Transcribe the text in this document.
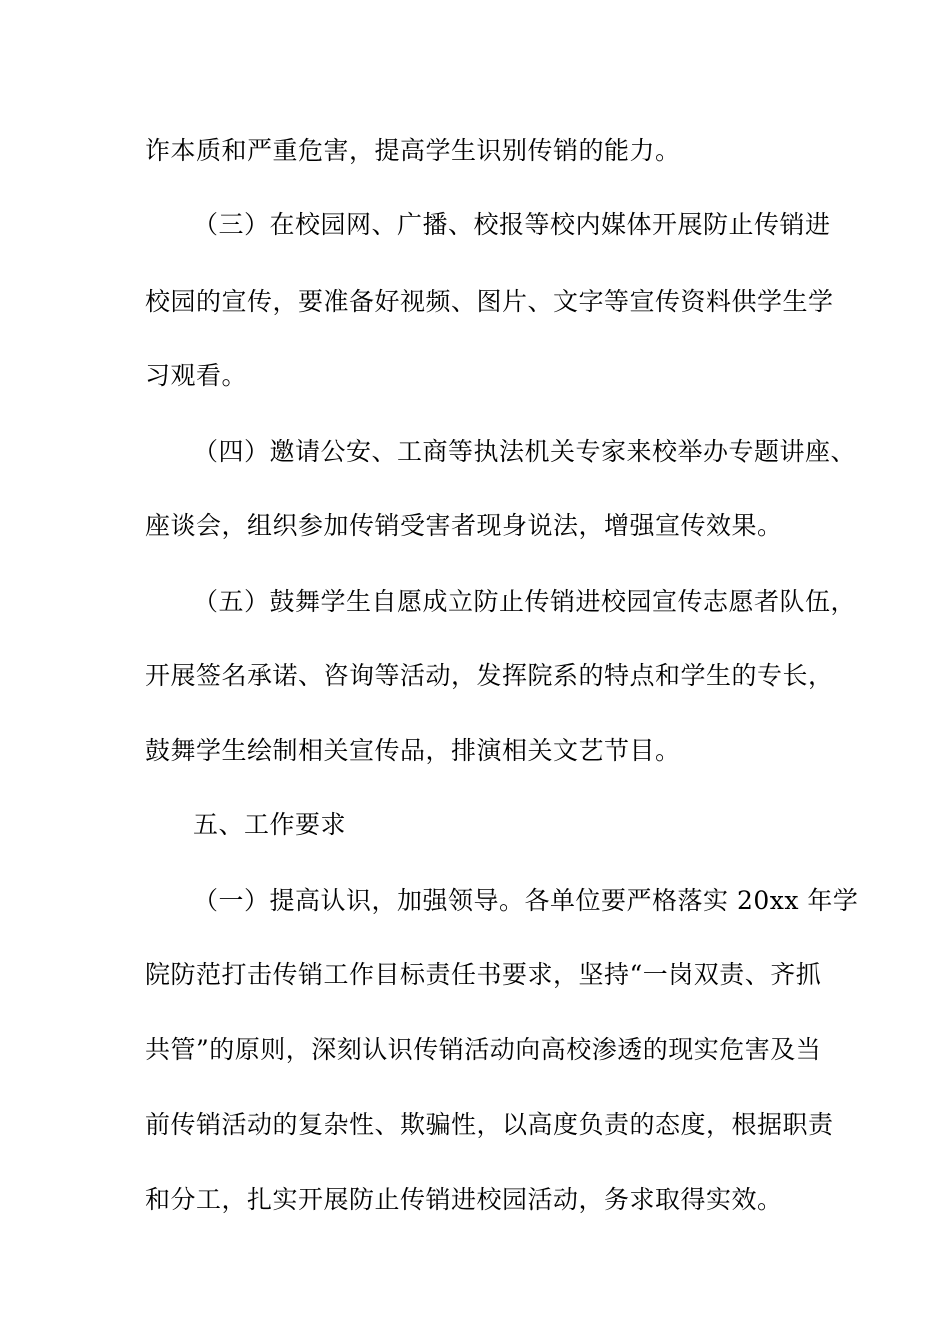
诈本质和严重危害，提高学生识别传销的能力。
（三）在校园网、广播、校报等校内媒体开展防止传销进
校园的宣传，要准备好视频、图片、文字等宣传资料供学生学
习观看。
（四）邀请公安、工商等执法机关专家来校举办专题讲座、
座谈会，组织参加传销受害者现身说法，增强宣传效果。
（五）鼓舞学生自愿成立防止传销进校园宣传志愿者队伍，
开展签名承诺、咨询等活动，发挥院系的特点和学生的专长，
鼓舞学生绘制相关宣传品，排演相关文艺节目。
五、工作要求
（一）提高认识，加强领导。各单位要严格落实 20xx 年学
院防范打击传销工作目标责任书要求，坚持“一岗双责、齐抓
共管”的原则，深刻认识传销活动向高校渗透的现实危害及当
前传销活动的复杂性、欺骗性，以高度负责的态度，根据职责
和分工，扎实开展防止传销进校园活动，务求取得实效。
